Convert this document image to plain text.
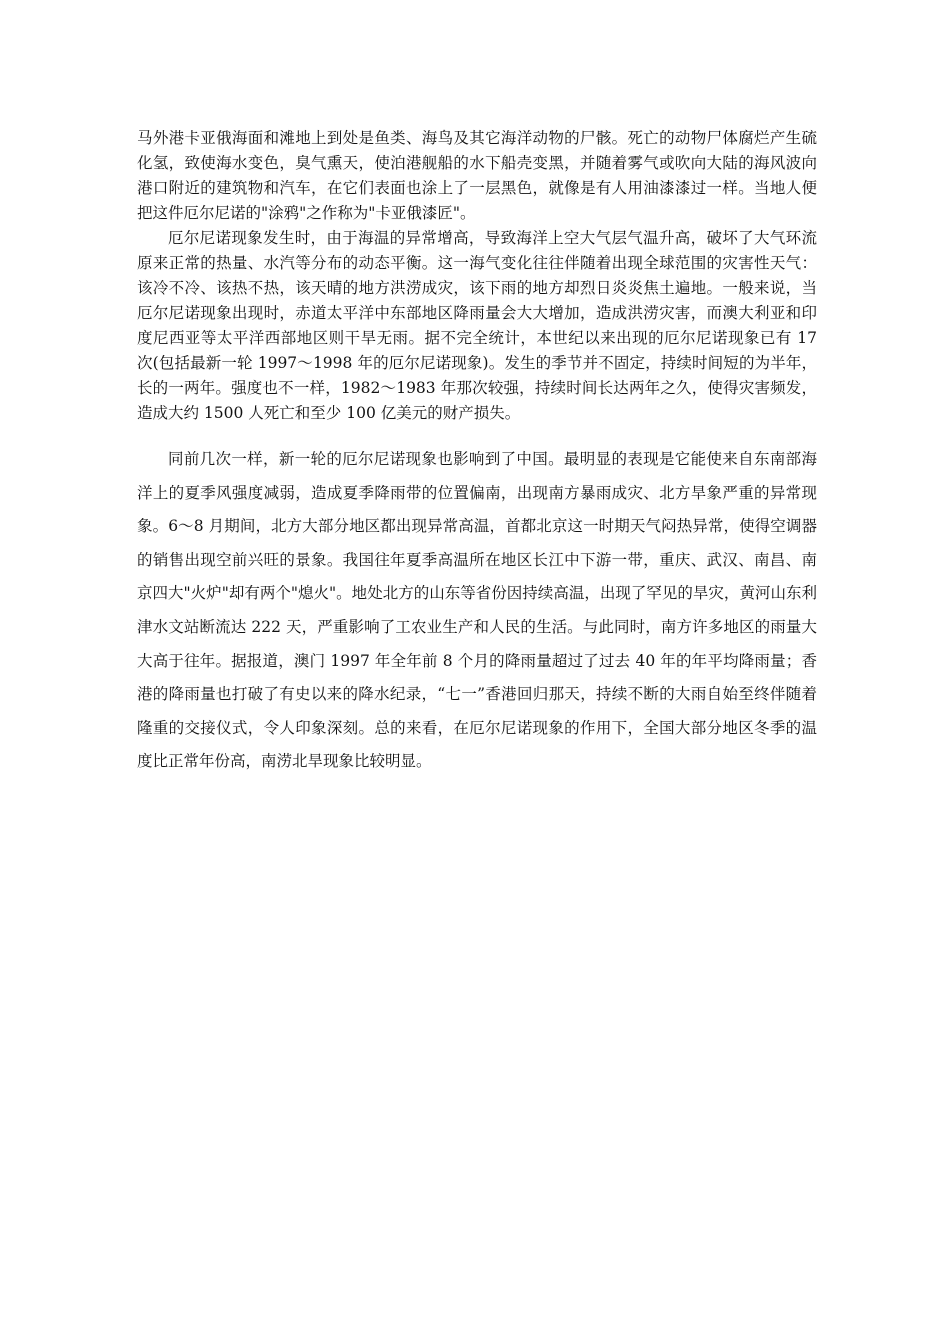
马外港卡亚俄海面和滩地上到处是鱼类、海鸟及其它海洋动物的尸骸。死亡的动物尸体腐烂产生硫化氢，致使海水变色，臭气熏天，使泊港舰船的水下船壳变黑，并随着雾气或吹向大陆的海风波向港口附近的建筑物和汽车，在它们表面也涂上了一层黑色，就像是有人用油漆漆过一样。当地人便把这件厄尔尼诺的"涂鸦"之作称为"卡亚俄漆匠"。

厄尔尼诺现象发生时，由于海温的异常增高，导致海洋上空大气层气温升高，破坏了大气环流原来正常的热量、水汽等分布的动态平衡。这一海气变化往往伴随着出现全球范围的灾害性天气：该冷不冷、该热不热，该天晴的地方洪涝成灾，该下雨的地方却烈日炎炎焦土遍地。一般来说，当厄尔尼诺现象出现时，赤道太平洋中东部地区降雨量会大大增加，造成洪涝灾害，而澳大利亚和印度尼西亚等太平洋西部地区则干旱无雨。据不完全统计，本世纪以来出现的厄尔尼诺现象已有 17 次(包括最新一轮 1997～1998 年的厄尔尼诺现象)。发生的季节并不固定，持续时间短的为半年，长的一两年。强度也不一样，1982～1983 年那次较强，持续时间长达两年之久，使得灾害频发，造成大约 1500 人死亡和至少 100 亿美元的财产损失。

同前几次一样，新一轮的厄尔尼诺现象也影响到了中国。最明显的表现是它能使来自东南部海洋上的夏季风强度减弱，造成夏季降雨带的位置偏南，出现南方暴雨成灾、北方旱象严重的异常现象。6～8 月期间，北方大部分地区都出现异常高温，首都北京这一时期天气闷热异常，使得空调器的销售出现空前兴旺的景象。我国往年夏季高温所在地区长江中下游一带，重庆、武汉、南昌、南京四大"火炉"却有两个"熄火"。地处北方的山东等省份因持续高温，出现了罕见的旱灾，黄河山东利津水文站断流达 222 天，严重影响了工农业生产和人民的生活。与此同时，南方许多地区的雨量大大高于往年。据报道，澳门 1997 年全年前 8 个月的降雨量超过了过去 40 年的年平均降雨量；香港的降雨量也打破了有史以来的降水纪录，“七一”香港回归那天，持续不断的大雨自始至终伴随着隆重的交接仪式，令人印象深刻。总的来看，在厄尔尼诺现象的作用下，全国大部分地区冬季的温度比正常年份高，南涝北旱现象比较明显。
